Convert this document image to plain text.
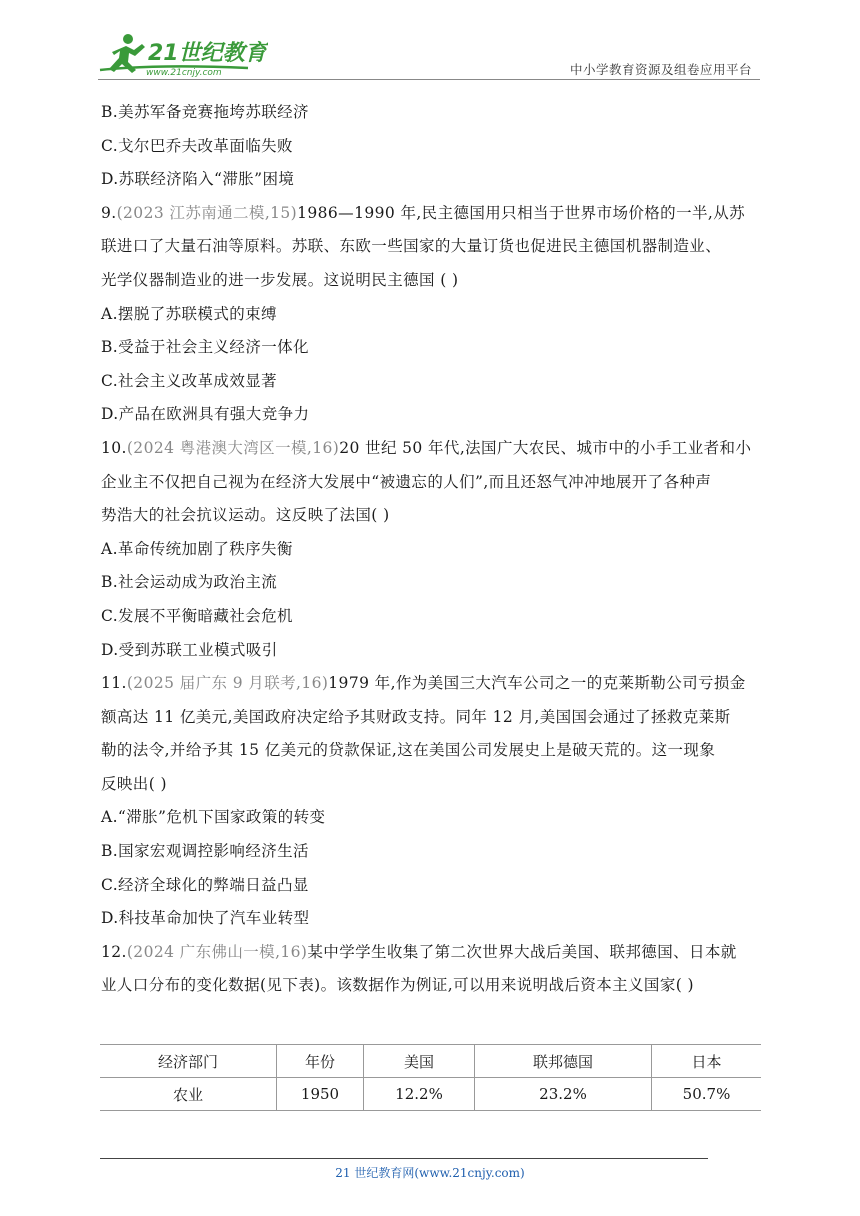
21世纪教育
www.21cnjy.com	中小学教育资源及组卷应用平台
B.美苏军备竞赛拖垮苏联经济
C.戈尔巴乔夫改革面临失败
D.苏联经济陷入“滞胀”困境
9.(2023 江苏南通二模,15)1986—1990 年,民主德国用只相当于世界市场价格的一半,从苏
联进口了大量石油等原料。苏联、东欧一些国家的大量订货也促进民主德国机器制造业、
光学仪器制造业的进一步发展。这说明民主德国 ( )
A.摆脱了苏联模式的束缚
B.受益于社会主义经济一体化
C.社会主义改革成效显著
D.产品在欧洲具有强大竞争力
10.(2024 粤港澳大湾区一模,16)20 世纪 50 年代,法国广大农民、城市中的小手工业者和小
企业主不仅把自己视为在经济大发展中“被遗忘的人们”,而且还怒气冲冲地展开了各种声
势浩大的社会抗议运动。这反映了法国( )
A.革命传统加剧了秩序失衡
B.社会运动成为政治主流
C.发展不平衡暗藏社会危机
D.受到苏联工业模式吸引
11.(2025 届广东 9 月联考,16)1979 年,作为美国三大汽车公司之一的克莱斯勒公司亏损金
额高达 11 亿美元,美国政府决定给予其财政支持。同年 12 月,美国国会通过了拯救克莱斯
勒的法令,并给予其 15 亿美元的贷款保证,这在美国公司发展史上是破天荒的。这一现象
反映出( )
A.“滞胀”危机下国家政策的转变
B.国家宏观调控影响经济生活
C.经济全球化的弊端日益凸显
D.科技革命加快了汽车业转型
12.(2024 广东佛山一模,16)某中学学生收集了第二次世界大战后美国、联邦德国、日本就
业人口分布的变化数据(见下表)。该数据作为例证,可以用来说明战后资本主义国家( )
经济部门	年份	美国	联邦德国	日本
农业	1950	12.2%	23.2%	50.7%
21 世纪教育网(www.21cnjy.com)
